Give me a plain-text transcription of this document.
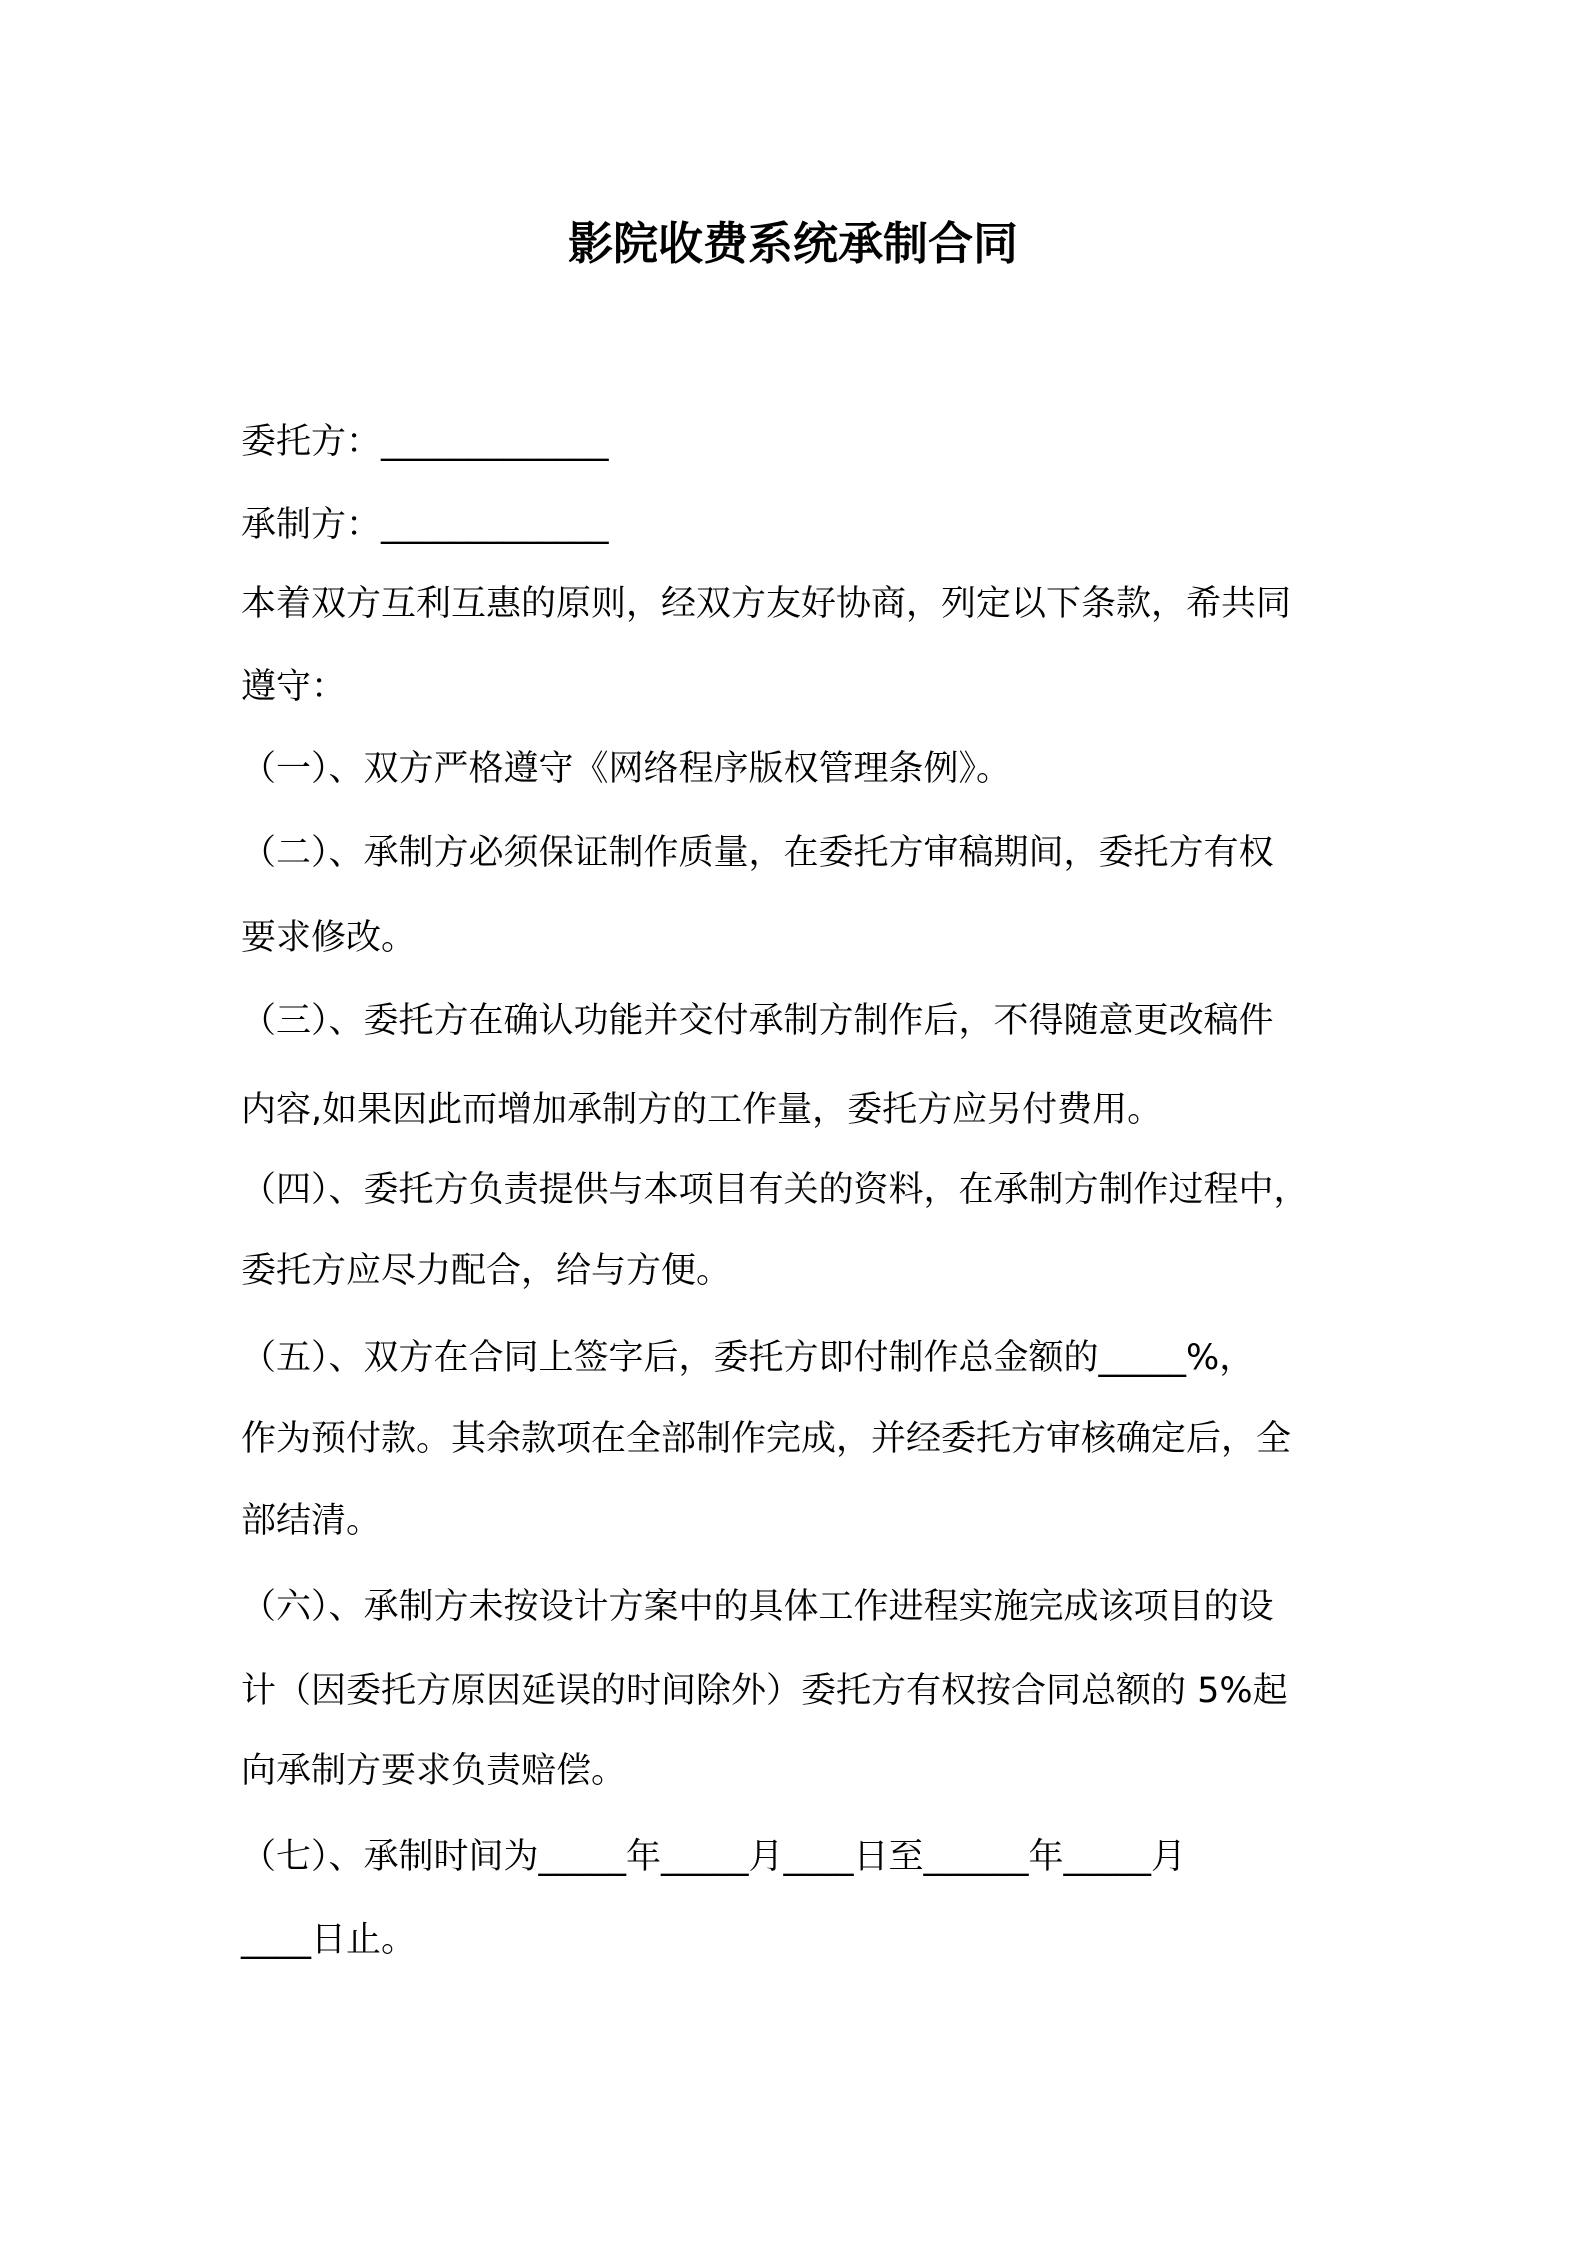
影院收费系统承制合同

委托方：_____________

承制方：_____________

本着双方互利互惠的原则，经双方友好协商，列定以下条款，希共同

遵守：

（一）、双方严格遵守《网络程序版权管理条例》。

（二）、承制方必须保证制作质量，在委托方审稿期间，委托方有权

要求修改。

（三）、委托方在确认功能并交付承制方制作后，不得随意更改稿件

内容,如果因此而增加承制方的工作量，委托方应另付费用。

（四）、委托方负责提供与本项目有关的资料，在承制方制作过程中，

委托方应尽力配合，给与方便。

（五）、双方在合同上签字后，委托方即付制作总金额的_____%，

作为预付款。其余款项在全部制作完成，并经委托方审核确定后，全

部结清。

（六）、承制方未按设计方案中的具体工作进程实施完成该项目的设

计（因委托方原因延误的时间除外）委托方有权按合同总额的 5%起

向承制方要求负责赔偿。

（七）、承制时间为_____年_____月____日至______年_____月

____日止。
